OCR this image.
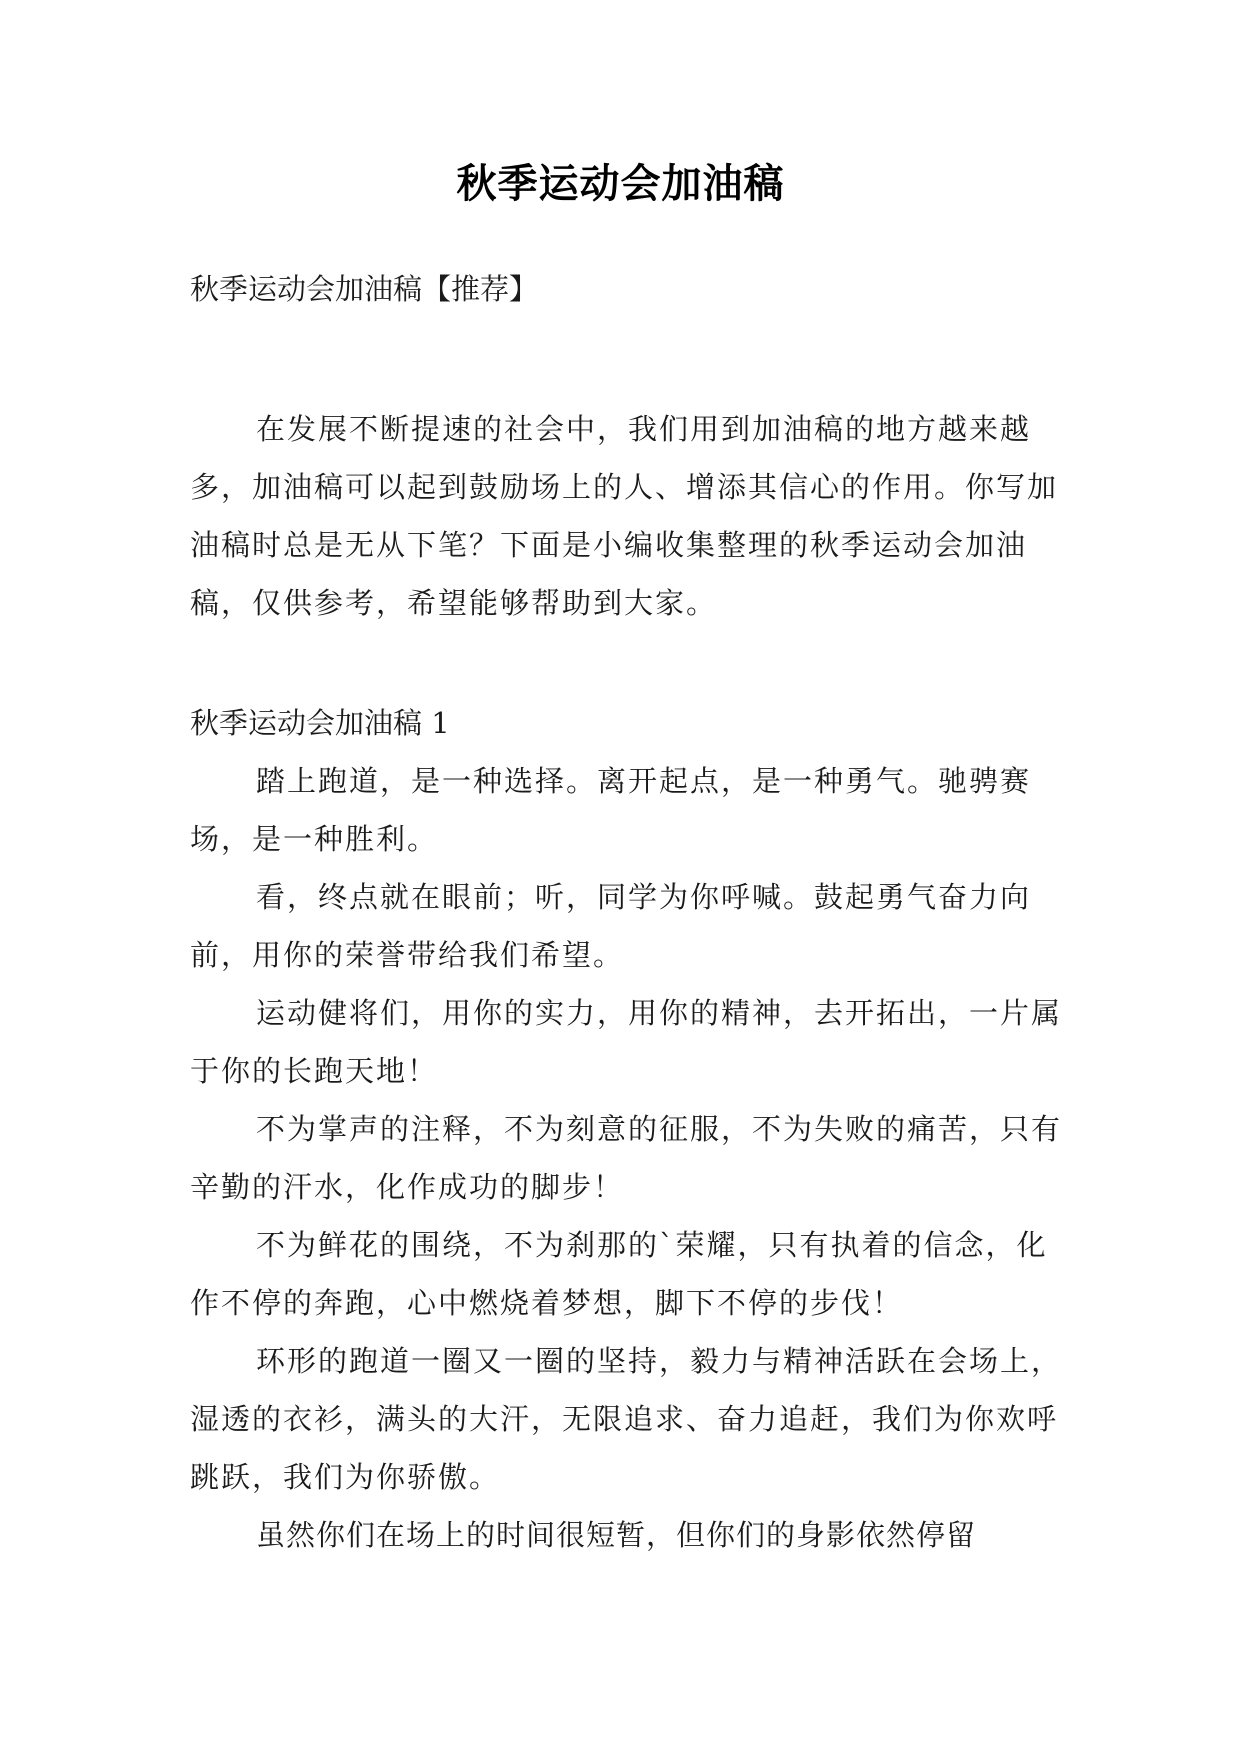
秋季运动会加油稿
秋季运动会加油稿【推荐】

在发展不断提速的社会中，我们用到加油稿的地方越来越多，加油稿可以起到鼓励场上的人、增添其信心的作用。你写加油稿时总是无从下笔？下面是小编收集整理的秋季运动会加油稿，仅供参考，希望能够帮助到大家。

秋季运动会加油稿 1

踏上跑道，是一种选择。离开起点，是一种勇气。驰骋赛场，是一种胜利。

看，终点就在眼前；听，同学为你呼喊。鼓起勇气奋力向前，用你的荣誉带给我们希望。

运动健将们，用你的实力，用你的精神，去开拓出，一片属于你的长跑天地！

不为掌声的注释，不为刻意的征服，不为失败的痛苦，只有辛勤的汗水，化作成功的脚步！

不为鲜花的围绕，不为刹那的`荣耀，只有执着的信念，化作不停的奔跑，心中燃烧着梦想，脚下不停的步伐！

环形的跑道一圈又一圈的坚持，毅力与精神活跃在会场上，湿透的衣衫，满头的大汗，无限追求、奋力追赶，我们为你欢呼跳跃，我们为你骄傲。

虽然你们在场上的时间很短暂，但你们的身影依然停留
